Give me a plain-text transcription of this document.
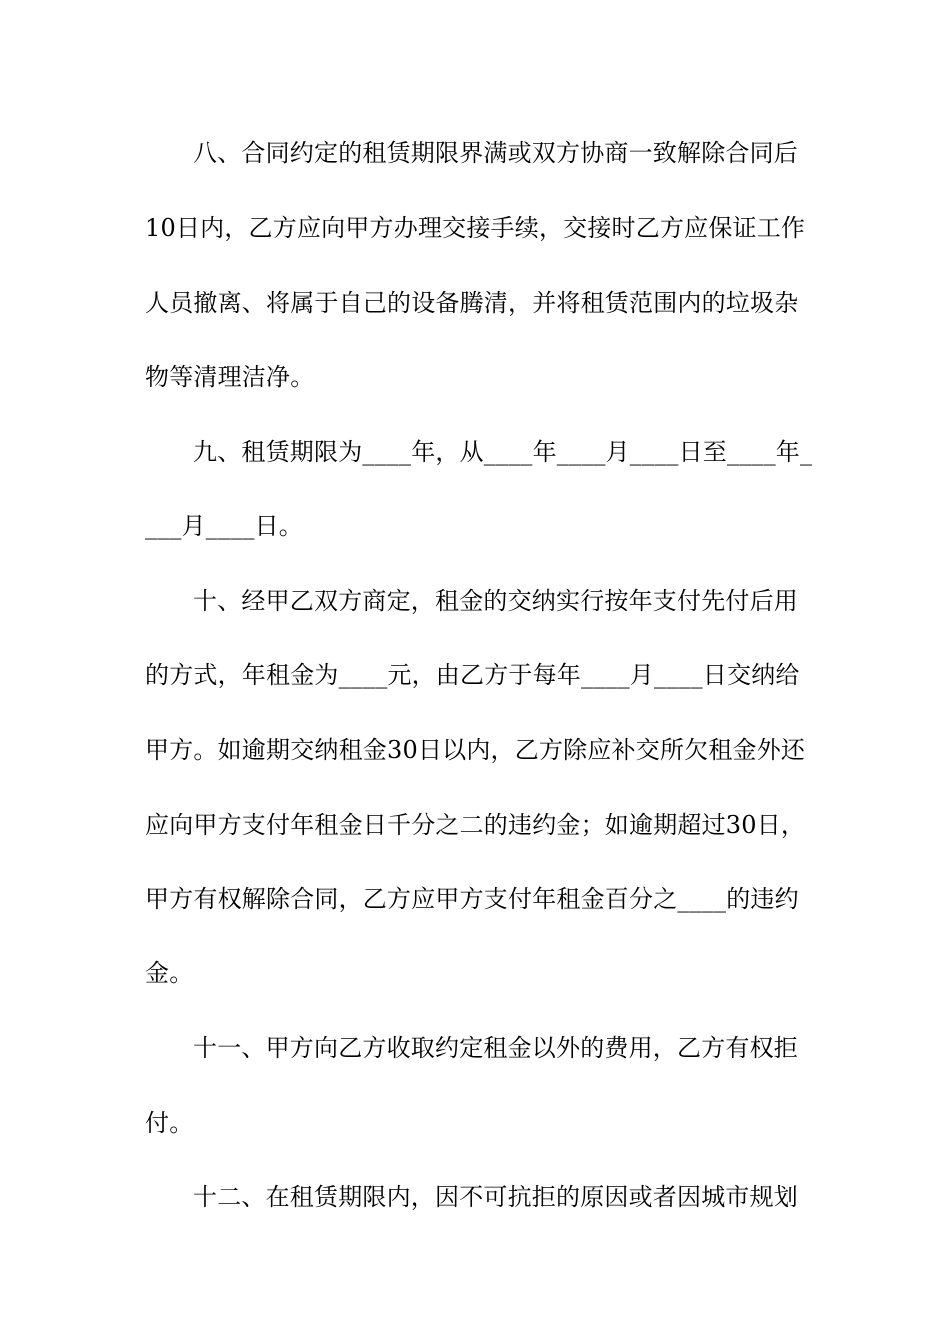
八、合同约定的租赁期限界满或双方协商一致解除合同后
10日内，乙方应向甲方办理交接手续，交接时乙方应保证工作
人员撤离、将属于自己的设备腾清，并将租赁范围内的垃圾杂
物等清理洁净。
九、租赁期限为____年，从____年____月____日至____年_
___月____日。
十、经甲乙双方商定，租金的交纳实行按年支付先付后用
的方式，年租金为____元，由乙方于每年____月____日交纳给
甲方。如逾期交纳租金30日以内，乙方除应补交所欠租金外还
应向甲方支付年租金日千分之二的违约金；如逾期超过30日，
甲方有权解除合同，乙方应甲方支付年租金百分之____的违约
金。
十一、甲方向乙方收取约定租金以外的费用，乙方有权拒
付。
十二、在租赁期限内，因不可抗拒的原因或者因城市规划
